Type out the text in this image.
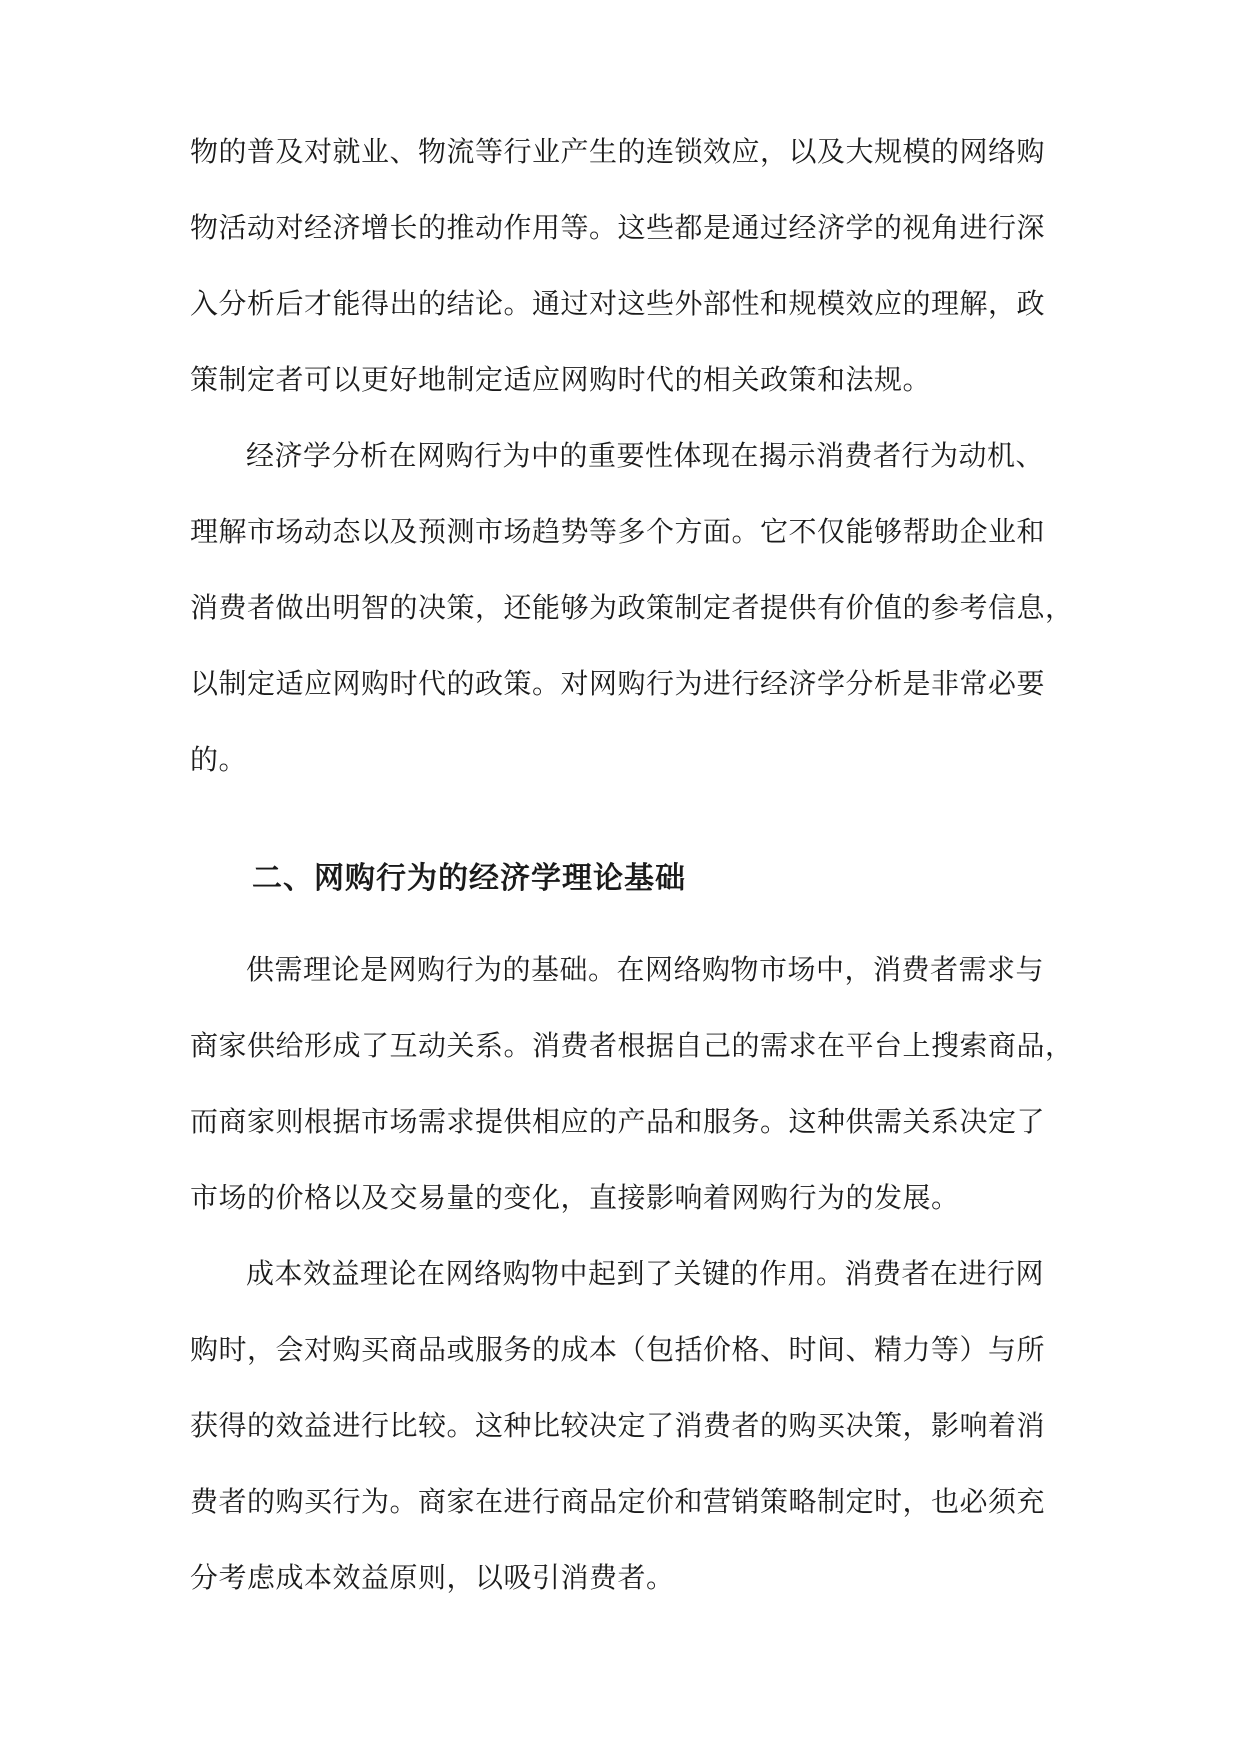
物的普及对就业、物流等行业产生的连锁效应，以及大规模的网络购
物活动对经济增长的推动作用等。这些都是通过经济学的视角进行深
入分析后才能得出的结论。通过对这些外部性和规模效应的理解，政
策制定者可以更好地制定适应网购时代的相关政策和法规。
经济学分析在网购行为中的重要性体现在揭示消费者行为动机、
理解市场动态以及预测市场趋势等多个方面。它不仅能够帮助企业和
消费者做出明智的决策，还能够为政策制定者提供有价值的参考信息，
以制定适应网购时代的政策。对网购行为进行经济学分析是非常必要
的。
二、网购行为的经济学理论基础
供需理论是网购行为的基础。在网络购物市场中，消费者需求与
商家供给形成了互动关系。消费者根据自己的需求在平台上搜索商品，
而商家则根据市场需求提供相应的产品和服务。这种供需关系决定了
市场的价格以及交易量的变化，直接影响着网购行为的发展。
成本效益理论在网络购物中起到了关键的作用。消费者在进行网
购时，会对购买商品或服务的成本（包括价格、时间、精力等）与所
获得的效益进行比较。这种比较决定了消费者的购买决策，影响着消
费者的购买行为。商家在进行商品定价和营销策略制定时，也必须充
分考虑成本效益原则，以吸引消费者。
